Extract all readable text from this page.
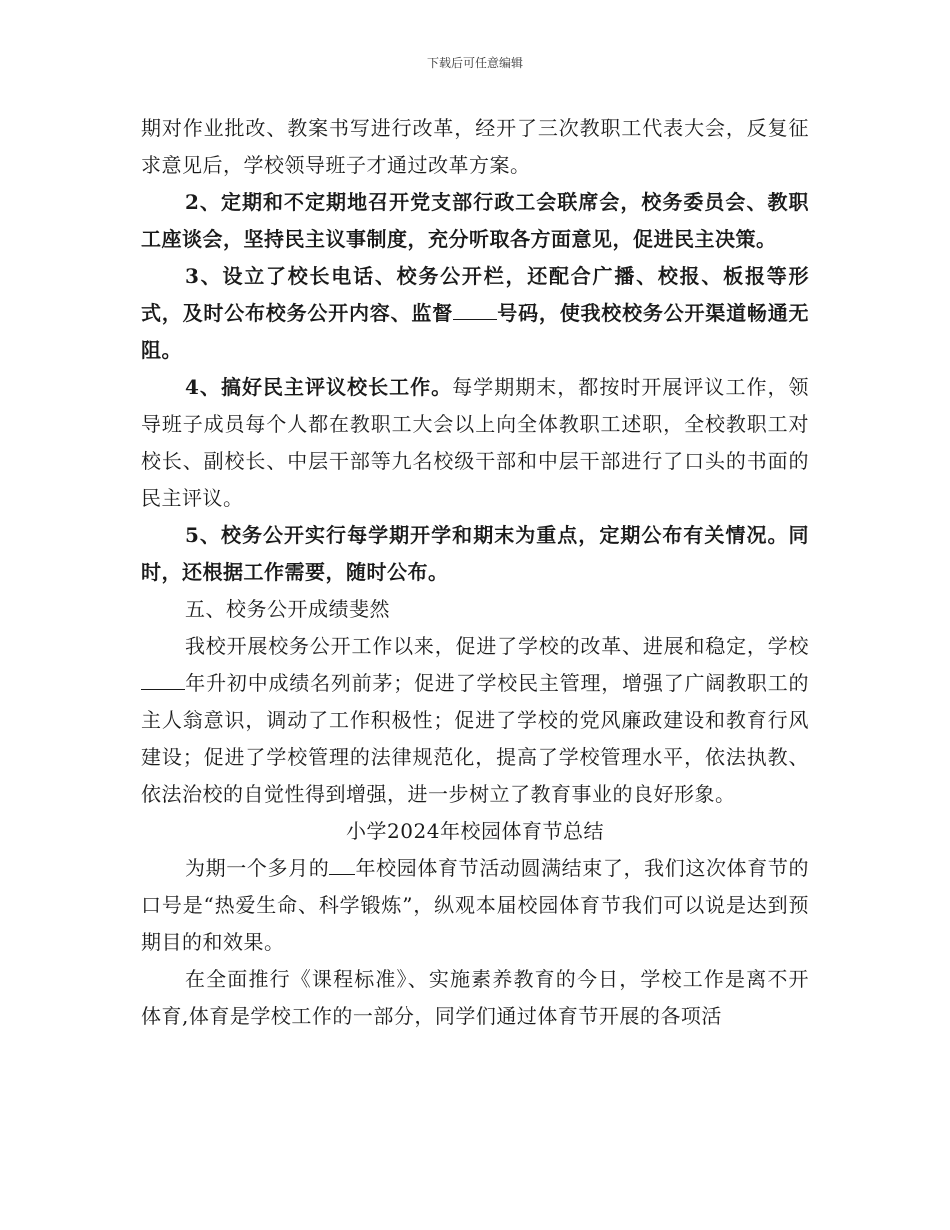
下载后可任意编辑

期对作业批改、教案书写进行改革，经开了三次教职工代表大会，反复征求意见后，学校领导班子才通过改革方案。

2、定期和不定期地召开党支部行政工会联席会，校务委员会、教职工座谈会，坚持民主议事制度，充分听取各方面意见，促进民主决策。

3、设立了校长电话、校务公开栏，还配合广播、校报、板报等形式，及时公布校务公开内容、监督 号码，使我校校务公开渠道畅通无阻。

4、搞好民主评议校长工作。每学期期末，都按时开展评议工作，领导班子成员每个人都在教职工大会以上向全体教职工述职，全校教职工对校长、副校长、中层干部等九名校级干部和中层干部进行了口头的书面的民主评议。

5、校务公开实行每学期开学和期末为重点，定期公布有关情况。同时，还根据工作需要，随时公布。

五、校务公开成绩斐然

我校开展校务公开工作以来，促进了学校的改革、进展和稳定，学校年升初中成绩名列前茅；促进了学校民主管理，增强了广阔教职工的主人翁意识，调动了工作积极性；促进了学校的党风廉政建设和教育行风建设；促进了学校管理的法律规范化，提高了学校管理水平，依法执教、依法治校的自觉性得到增强，进一步树立了教育事业的良好形象。

小学2024年校园体育节总结

为期一个多月的 年校园体育节活动圆满结束了，我们这次体育节的口号是“热爱生命、科学锻炼”，纵观本届校园体育节我们可以说是达到预期目的和效果。

在全面推行《课程标准》、实施素养教育的今日，学校工作是离不开体育,体育是学校工作的一部分，同学们通过体育节开展的各项活
